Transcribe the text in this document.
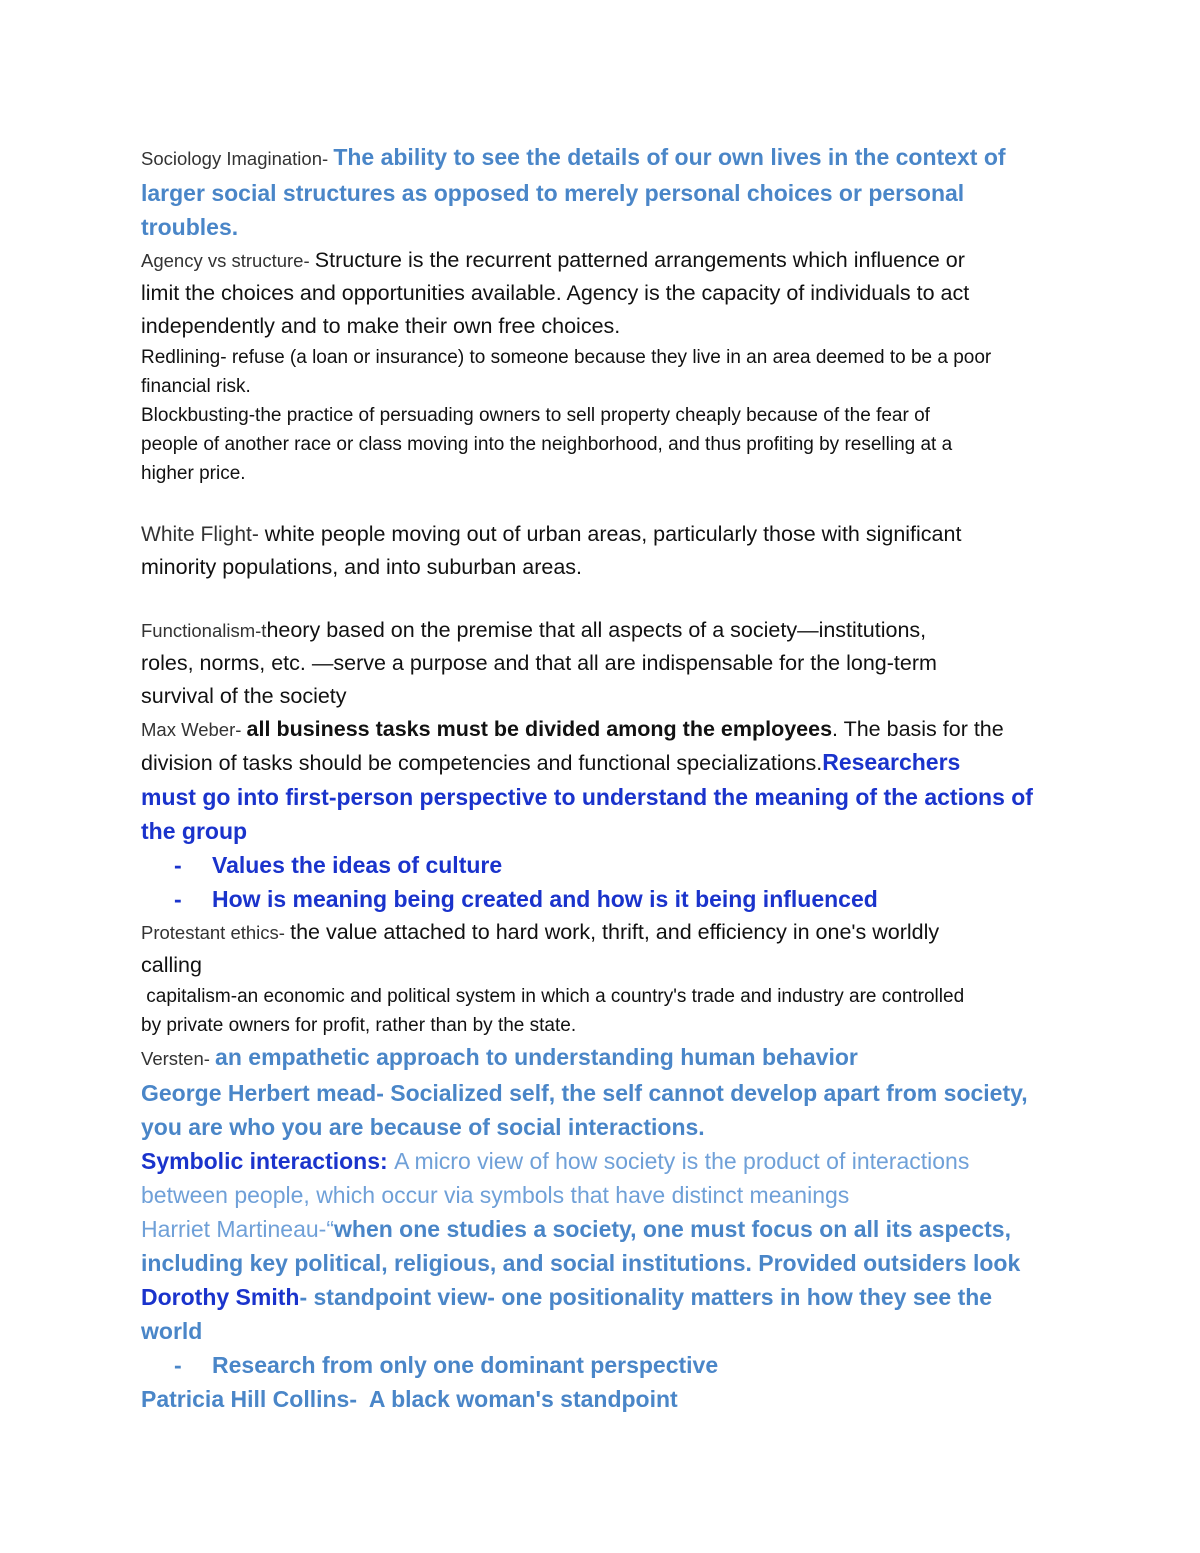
Sociology Imagination- The ability to see the details of our own lives in the context of
larger social structures as opposed to merely personal choices or personal
troubles.
Agency vs structure- Structure is the recurrent patterned arrangements which influence or
limit the choices and opportunities available. Agency is the capacity of individuals to act
independently and to make their own free choices.
Redlining- refuse (a loan or insurance) to someone because they live in an area deemed to be a poor
financial risk.
Blockbusting-the practice of persuading owners to sell property cheaply because of the fear of
people of another race or class moving into the neighborhood, and thus profiting by reselling at a
higher price.
White Flight- white people moving out of urban areas, particularly those with significant
minority populations, and into suburban areas.
Functionalism-theory based on the premise that all aspects of a society—institutions,
roles, norms, etc. —serve a purpose and that all are indispensable for the long-term
survival of the society
Max Weber- all business tasks must be divided among the employees. The basis for the
division of tasks should be competencies and functional specializations.Researchers
must go into first-person perspective to understand the meaning of the actions of
the group
- Values the ideas of culture
- How is meaning being created and how is it being influenced
Protestant ethics- the value attached to hard work, thrift, and efficiency in one's worldly
calling
capitalism-an economic and political system in which a country's trade and industry are controlled
by private owners for profit, rather than by the state.
Versten- an empathetic approach to understanding human behavior
George Herbert mead- Socialized self, the self cannot develop apart from society,
you are who you are because of social interactions.
Symbolic interactions: A micro view of how society is the product of interactions
between people, which occur via symbols that have distinct meanings
Harriet Martineau-“when one studies a society, one must focus on all its aspects,
including key political, religious, and social institutions. Provided outsiders look
Dorothy Smith- standpoint view- one positionality matters in how they see the
world
- Research from only one dominant perspective
Patricia Hill Collins-  A black woman's standpoint
